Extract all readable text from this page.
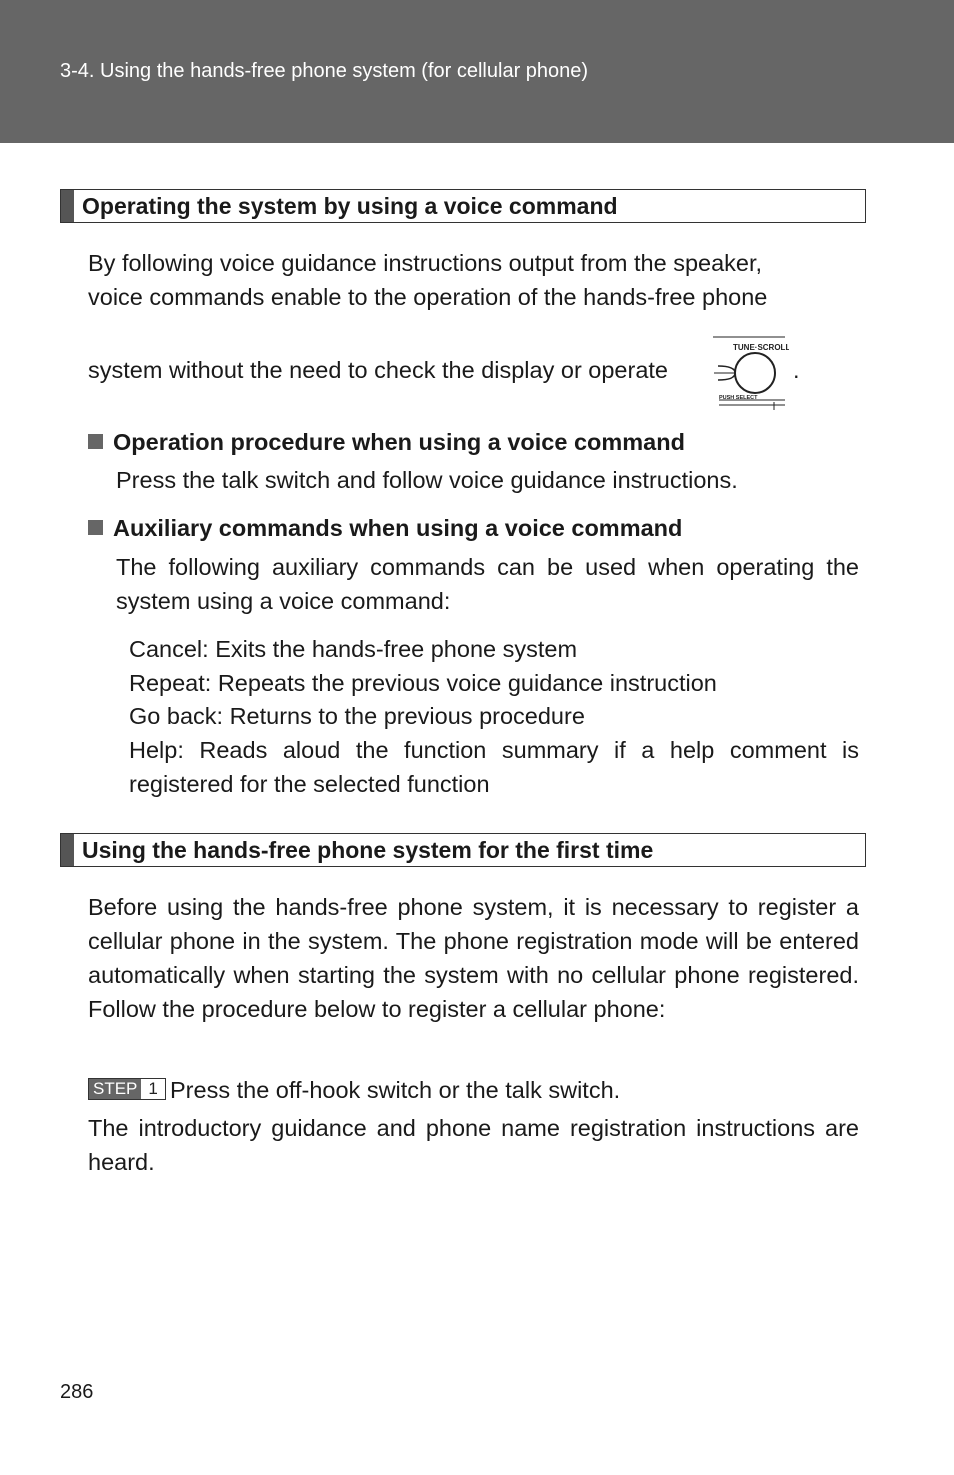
3-4. Using the hands-free phone system (for cellular phone)
Operating the system by using a voice command
By following voice guidance instructions output from the speaker,
voice commands enable to the operation of the hands-free phone
system without the need to check the display or operate
TUNE·SCROLL
PUSH SELECT
.
Operation procedure when using a voice command
Press the talk switch and follow voice guidance instructions.
Auxiliary commands when using a voice command
The following auxiliary commands can be used when operating the system using a voice command:
Cancel: Exits the hands-free phone system
Repeat: Repeats the previous voice guidance instruction
Go back: Returns to the previous procedure
Help: Reads aloud the function summary if a help comment is registered for the selected function
Using the hands-free phone system for the first time
Before using the hands-free phone system, it is necessary to register a cellular phone in the system. The phone registration mode will be entered automatically when starting the system with no cellular phone registered. Follow the procedure below to register a cellular phone:
STEP 1 Press the off-hook switch or the talk switch.
The introductory guidance and phone name registration instructions are heard.
286
